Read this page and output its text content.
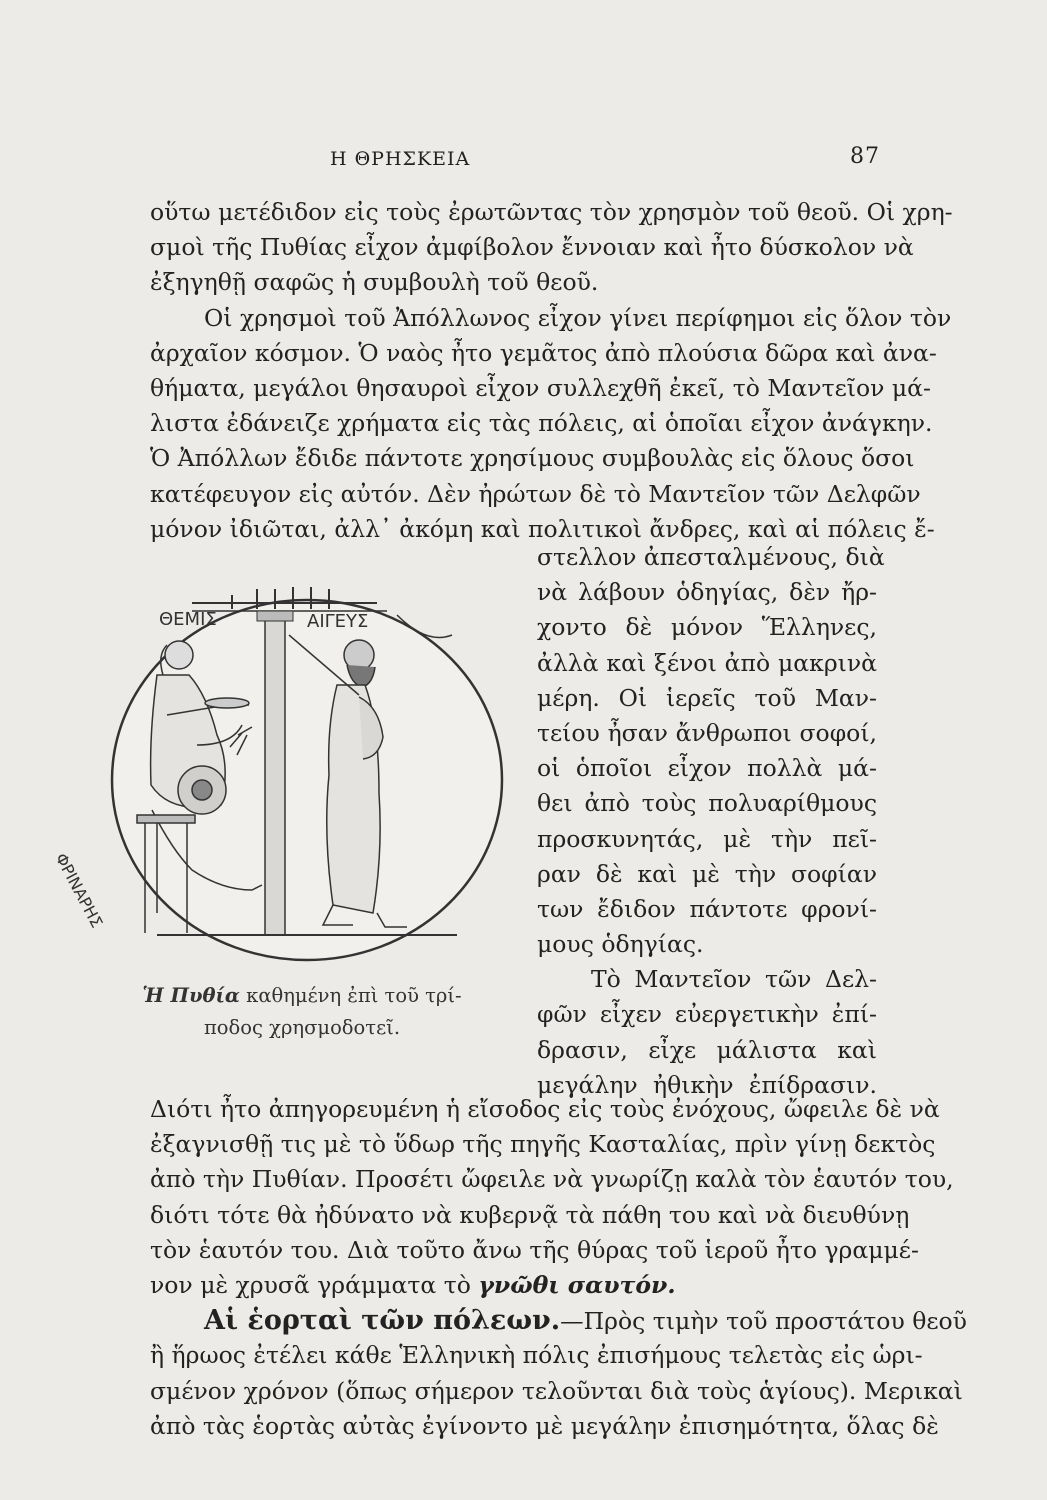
Η ΘΡΗΣΚΕΙΑ	87
οὕτω μετέδιδον εἰς τοὺς ἐρωτῶντας τὸν χρησμὸν τοῦ θεοῦ. Οἱ χρη-
σμοὶ τῆς Πυθίας εἶχον ἀμφίβολον ἔννοιαν καὶ ἦτο δύσκολον νὰ
ἐξηγηθῇ σαφῶς ἡ συμβουλὴ τοῦ θεοῦ.
Οἱ χρησμοὶ τοῦ Ἀπόλλωνος εἶχον γίνει περίφημοι εἰς ὅλον τὸν
ἀρχαῖον κόσμον. Ὁ ναὸς ἦτο γεμᾶτος ἀπὸ πλούσια δῶρα καὶ ἀνα-
θήματα, μεγάλοι θησαυροὶ εἶχον συλλεχθῆ ἐκεῖ, τὸ Μαντεῖον μά-
λιστα ἐδάνειζε χρήματα εἰς τὰς πόλεις, αἱ ὁποῖαι εἶχον ἀνάγκην.
Ὁ Ἀπόλλων ἔδιδε πάντοτε χρησίμους συμβουλὰς εἰς ὅλους ὅσοι
κατέφευγον εἰς αὐτόν. Δὲν ἠρώτων δὲ τὸ Μαντεῖον τῶν Δελφῶν
μόνον ἰδιῶται, ἀλλ᾽ ἀκόμη καὶ πολιτικοὶ ἄνδρες, καὶ αἱ πόλεις ἔ-
ΘΕΜΙΣ	ΑΙΓΕΥΣ
ΦΡΙΝΑΡΗΣ
Ἡ Πυθία καθημένη ἐπὶ τοῦ τρί-
ποδος χρησμοδοτεῖ.
στελλον ἀπεσταλμένους, διὰ
νὰ λάβουν ὁδηγίας, δὲν ἤρ-
χοντο δὲ μόνον Ἕλληνες,
ἀλλὰ καὶ ξένοι ἀπὸ μακρινὰ
μέρη. Οἱ ἱερεῖς τοῦ Μαν-
τείου ἦσαν ἄνθρωποι σοφοί,
οἱ ὁποῖοι εἶχον πολλὰ μά-
θει ἀπὸ τοὺς πολυαρίθμους
προσκυνητάς, μὲ τὴν πεῖ-
ραν δὲ καὶ μὲ τὴν σοφίαν
των ἔδιδον πάντοτε φρονί-
μους ὁδηγίας.
Τὸ Μαντεῖον τῶν Δελ-
φῶν εἶχεν εὐεργετικὴν ἐπί-
δρασιν, εἶχε μάλιστα καὶ
μεγάλην ἠθικὴν ἐπίδρασιν.
Διότι ἦτο ἀπηγορευμένη ἡ εἴσοδος εἰς τοὺς ἐνόχους, ὤφειλε δὲ νὰ
ἐξαγνισθῇ τις μὲ τὸ ὕδωρ τῆς πηγῆς Κασταλίας, πρὶν γίνῃ δεκτὸς
ἀπὸ τὴν Πυθίαν. Προσέτι ὤφειλε νὰ γνωρίζῃ καλὰ τὸν ἑαυτόν του,
διότι τότε θὰ ἠδύνατο νὰ κυβερνᾷ τὰ πάθη του καὶ νὰ διευθύνῃ
τὸν ἑαυτόν του. Διὰ τοῦτο ἄνω τῆς θύρας τοῦ ἱεροῦ ἦτο γραμμέ-
νον μὲ χρυσᾶ γράμματα τὸ γνῶθι σαυτόν.
Αἱ ἑορταὶ τῶν πόλεων.—Πρὸς τιμὴν τοῦ προστάτου θεοῦ
ἢ ἥρωος ἐτέλει κάθε Ἑλληνικὴ πόλις ἐπισήμους τελετὰς εἰς ὡρι-
σμένον χρόνον (ὅπως σήμερον τελοῦνται διὰ τοὺς ἁγίους). Μερικαὶ
ἀπὸ τὰς ἑορτὰς αὐτὰς ἐγίνοντο μὲ μεγάλην ἐπισημότητα, ὅλας δὲ
